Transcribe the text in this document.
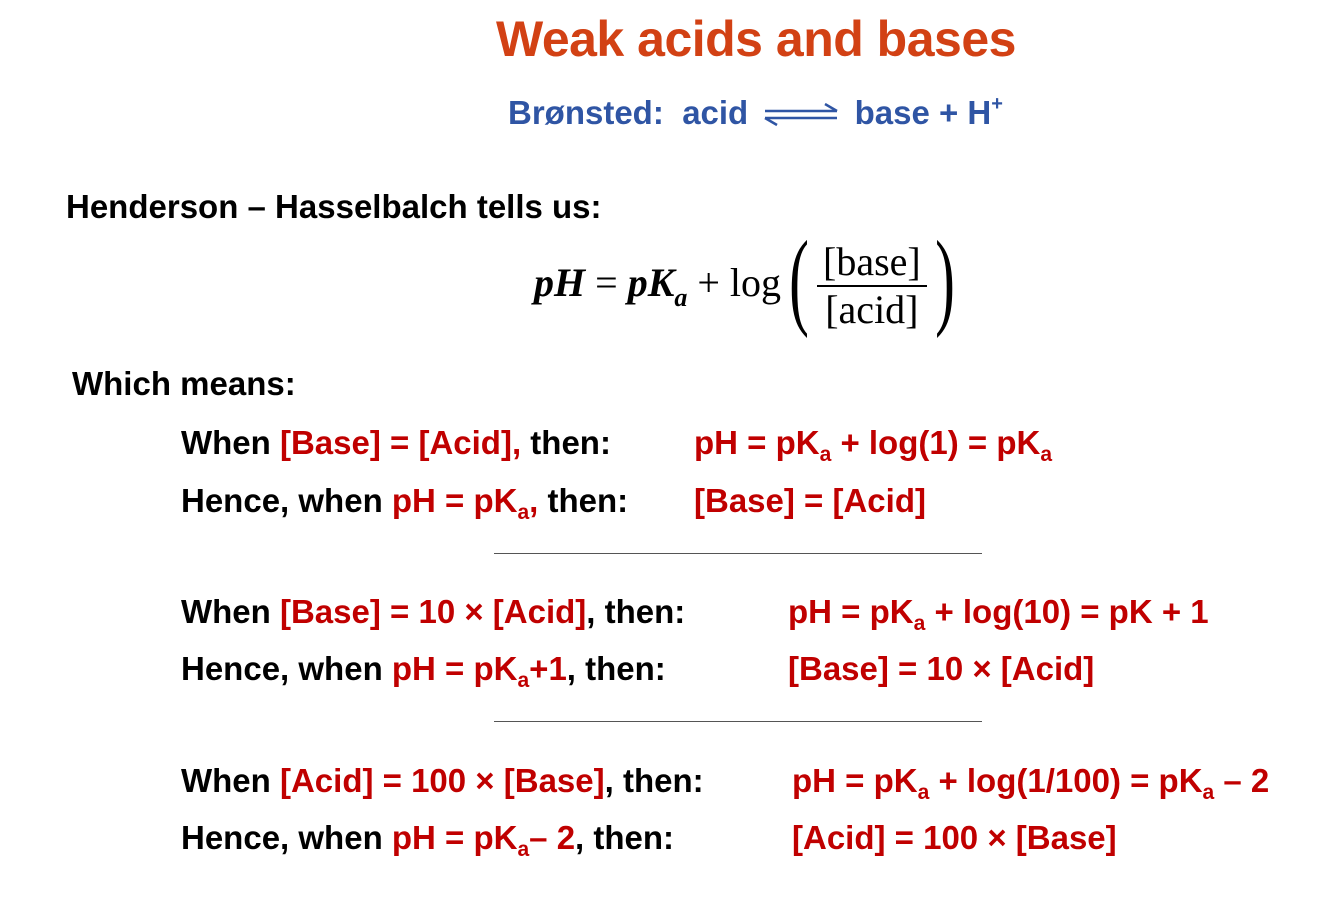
Weak acids and bases
Brønsted: acid ⇌ base + H+
Henderson – Hasselbalch tells us:
pH = $pK_a + \log( \frac{\text{[base]}}{\text{[acid]}}$ )
Which means:
When [Base] = [Acid], then:	pH = $pK_a + \log(1) = pK_a$
Hence, when pH = $pK_a$, then: [Base] = [Acid]
When [Base] = 10 × [Acid], then:	pH = $pK_a + \log(10)$ = pK + 1
Hence, when pH = $pK_a+1$, then:	[Base] = 10 × [Acid]
When [Acid] = 100 × [Base], then:	pH = $pK_a + \log(1/100) = pK_a - 2$
Hence, when pH = $pK_a-$ 2, then:	[Acid] = 100 × [Base]
